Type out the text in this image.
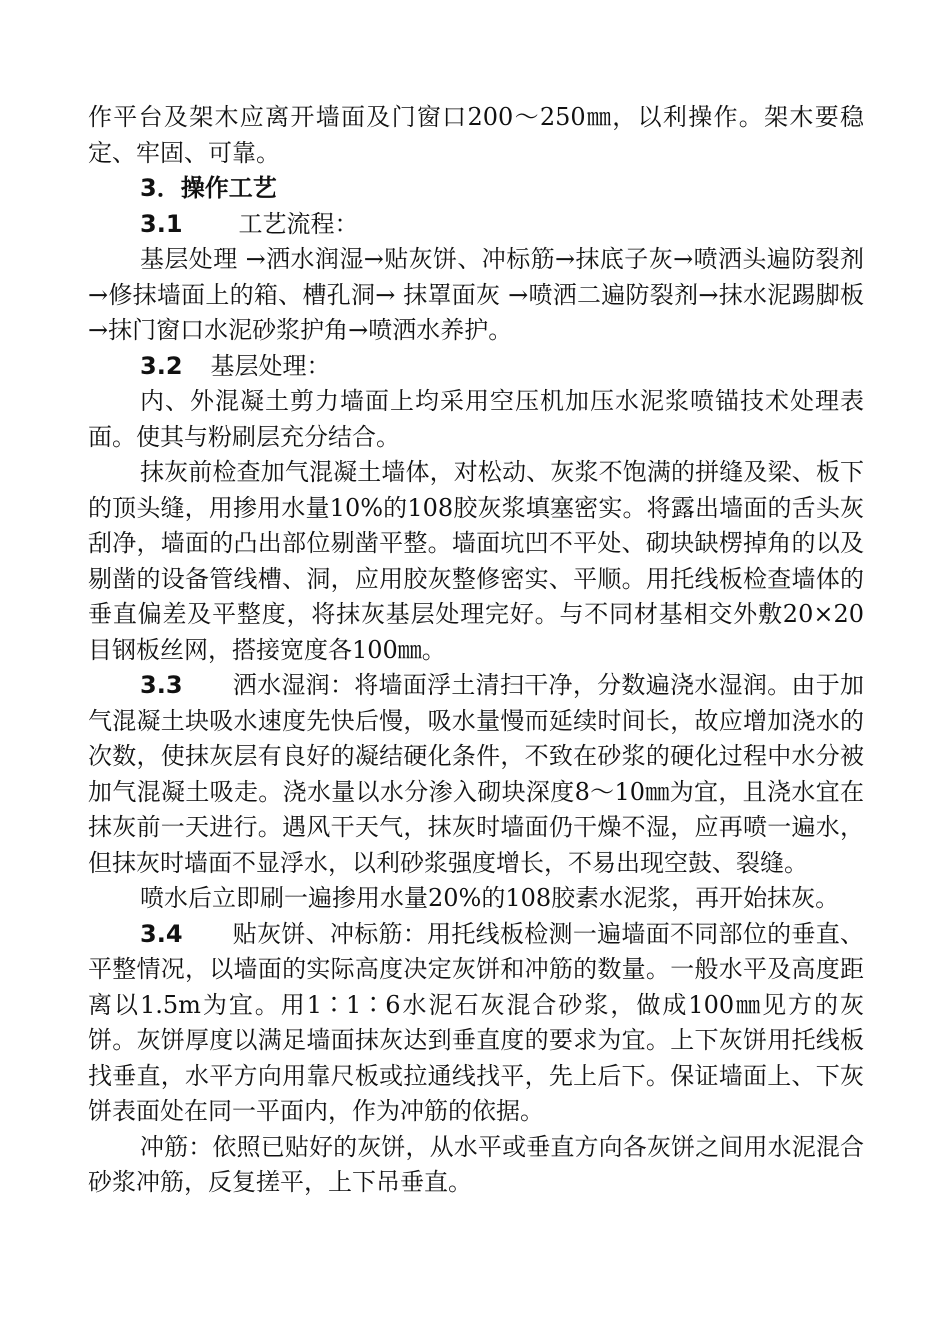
作平台及架木应离开墙面及门窗口200～250㎜，以利操作。架木要稳定、牢固、可靠。

3．操作工艺

3.1 工艺流程：

基层处理 →洒水润湿→贴灰饼、冲标筋→抹底子灰→喷洒头遍防裂剂 →修抹墙面上的箱、槽孔洞→ 抹罩面灰 →喷洒二遍防裂剂→抹水泥踢脚板→抹门窗口水泥砂浆护角→喷洒水养护。

3.2 基层处理：

内、外混凝土剪力墙面上均采用空压机加压水泥浆喷锚技术处理表面。使其与粉刷层充分结合。

抹灰前检查加气混凝土墙体，对松动、灰浆不饱满的拼缝及梁、板下的顶头缝，用掺用水量10%的108胶灰浆填塞密实。将露出墙面的舌头灰刮净，墙面的凸出部位剔凿平整。墙面坑凹不平处、砌块缺楞掉角的以及剔凿的设备管线槽、洞，应用胶灰整修密实、平顺。用托线板检查墙体的垂直偏差及平整度，将抹灰基层处理完好。与不同材基相交外敷20×20目钢板丝网，搭接宽度各100㎜。

3.3 洒水湿润：将墙面浮土清扫干净，分数遍浇水湿润。由于加气混凝土块吸水速度先快后慢，吸水量慢而延续时间长，故应增加浇水的次数，使抹灰层有良好的凝结硬化条件，不致在砂浆的硬化过程中水分被加气混凝土吸走。浇水量以水分渗入砌块深度8～10㎜为宜，且浇水宜在抹灰前一天进行。遇风干天气，抹灰时墙面仍干燥不湿，应再喷一遍水，但抹灰时墙面不显浮水，以利砂浆强度增长，不易出现空鼓、裂缝。

喷水后立即刷一遍掺用水量20%的108胶素水泥浆，再开始抹灰。

3.4 贴灰饼、冲标筋：用托线板检测一遍墙面不同部位的垂直、平整情况，以墙面的实际高度决定灰饼和冲筋的数量。一般水平及高度距离以1.5m为宜。用1∶1∶6水泥石灰混合砂浆，做成100㎜见方的灰饼。灰饼厚度以满足墙面抹灰达到垂直度的要求为宜。上下灰饼用托线板找垂直，水平方向用靠尺板或拉通线找平，先上后下。保证墙面上、下灰饼表面处在同一平面内，作为冲筋的依据。

冲筋：依照已贴好的灰饼，从水平或垂直方向各灰饼之间用水泥混合砂浆冲筋，反复搓平，上下吊垂直。
